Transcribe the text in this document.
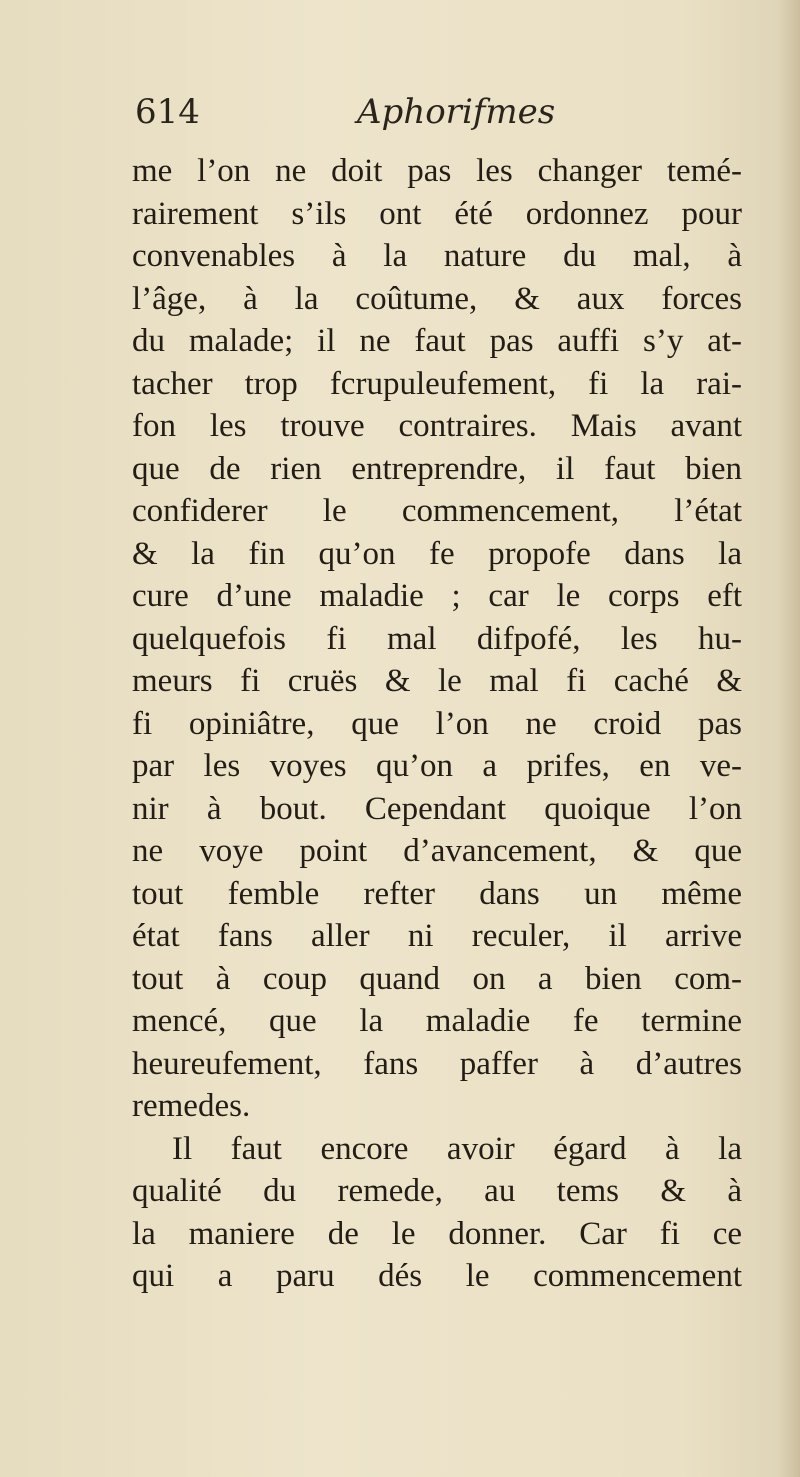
614	Aphorifmes
me l’on ne doit pas les changer temé-
rairement s’ils ont été ordonnez pour
convenables à la nature du mal, à
l’âge, à la coûtume, & aux forces
du malade; il ne faut pas auffi s’y at-
tacher trop fcrupuleufement, fi la rai-
fon les trouve contraires. Mais avant
que de rien entreprendre, il faut bien
confiderer le commencement, l’état
& la fin qu’on fe propofe dans la
cure d’une maladie ; car le corps eft
quelquefois fi mal difpofé, les hu-
meurs fi cruës & le mal fi caché &
fi opiniâtre, que l’on ne croid pas
par les voyes qu’on a prifes, en ve-
nir à bout. Cependant quoique l’on
ne voye point d’avancement, & que
tout femble refter dans un même
état fans aller ni reculer, il arrive
tout à coup quand on a bien com-
mencé, que la maladie fe termine
heureufement, fans paffer à d’autres
remedes.
Il faut encore avoir égard à la
qualité du remede, au tems & à
la maniere de le donner. Car fi ce
qui a paru dés le commencement
